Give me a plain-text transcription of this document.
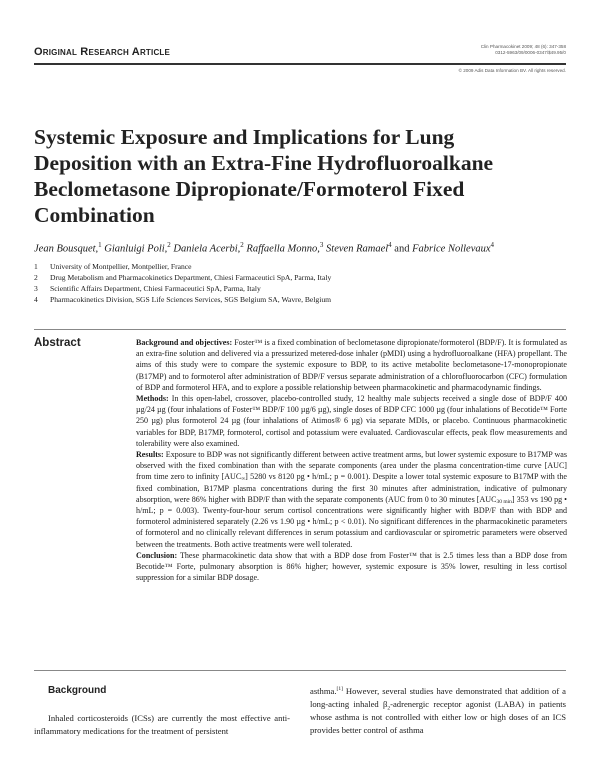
Original Research Article	Clin Pharmacokinet 2009; 48 (6): 347-358
0312-5963/09/0006-0347/$49.95/0
© 2009 Adis Data Information BV. All rights reserved.
Systemic Exposure and Implications for Lung Deposition with an Extra-Fine Hydrofluoroalkane Beclometasone Dipropionate/Formoterol Fixed Combination
Jean Bousquet,$^1$ Gianluigi Poli,$^2$ Daniela Acerbi,$^2$ Raffaella Monno,$^3$ Steven Ramael$^4$ and Fabrice Nollevaux$^4$
1	University of Montpellier, Montpellier, France
2	Drug Metabolism and Pharmacokinetics Department, Chiesi Farmaceutici SpA, Parma, Italy
3	Scientific Affairs Department, Chiesi Farmaceutici SpA, Parma, Italy
4	Pharmacokinetics Division, SGS Life Sciences Services, SGS Belgium SA, Wavre, Belgium
Abstract	Background and objectives: Foster™ is a fixed combination of beclometasone dipropionate/formoterol (BDP/F). It is formulated as an extra-fine solution and delivered via a pressurized metered-dose inhaler (pMDI) using a hydrofluoroalkane (HFA) propellant. The aims of this study were to compare the systemic exposure to BDP, to its active metabolite beclometasone-17-monopropionate (B17MP) and to formoterol after administration of BDP/F versus separate administration of a chlorofluorocarbon (CFC) formulation of BDP and formoterol HFA, and to explore a possible relationship between pharmacokinetic and pharmacodynamic findings.

Methods: In this open-label, crossover, placebo-controlled study, 12 healthy male subjects received a single dose of BDP/F 400 µg/24 µg (four inhalations of Foster™ BDP/F 100 µg/6 µg), single doses of BDP CFC 1000 µg (four inhalations of Becotide™ Forte 250 µg) plus formoterol 24 µg (four inhalations of Atimos® 6 µg) via separate MDIs, or placebo. Continuous pharmacokinetic variables for BDP, B17MP, formoterol, cortisol and potassium were evaluated. Cardiovascular effects, peak flow measurements and tolerability were also examined.

Results: Exposure to BDP was not significantly different between active treatment arms, but lower systemic exposure to B17MP was observed with the fixed combination than with the separate components (area under the plasma concentration-time curve [AUC] from time zero to infinity $[AUC_\infty]$ 5280 vs 8120 pg • h/mL; p = 0.001). Despite a lower total systemic exposure to B17MP with the fixed combination, B17MP plasma concentrations during the first 30 minutes after administration, indicative of pulmonary absorption, were 86% higher with BDP/F than with the separate components (AUC from 0 to 30 minutes $[AUC_{30 min}]$ 353 vs 190 pg • h/mL; p = 0.003). Twenty-four-hour serum cortisol concentrations were significantly higher with BDP/F than with BDP and formoterol administered separately (2.26 vs 1.90 µg • h/mL; p < 0.01). No significant differences in the pharmacokinetic parameters of formoterol and no clinically relevant differences in serum potassium and cardiovascular or spirometric parameters were observed between the treatments. Both active treatments were well tolerated.

Conclusion: These pharmacokinetic data show that with a BDP dose from Foster™ that is 2.5 times less than a BDP dose from Becotide™ Forte, pulmonary absorption is 86% higher; however, systemic exposure is 35% lower, resulting in less cortisol suppression for a similar BDP dosage.

Background
Inhaled corticosteroids (ICSs) are currently the most effective anti-inflammatory medications for the treatment of persistent
asthma.[1] However, several studies have demonstrated that addition of a long-acting inhaled $\beta_2$-adrenergic receptor agonist (LABA) in patients whose asthma is not controlled with either low or high doses of an ICS provides better control of asthma
